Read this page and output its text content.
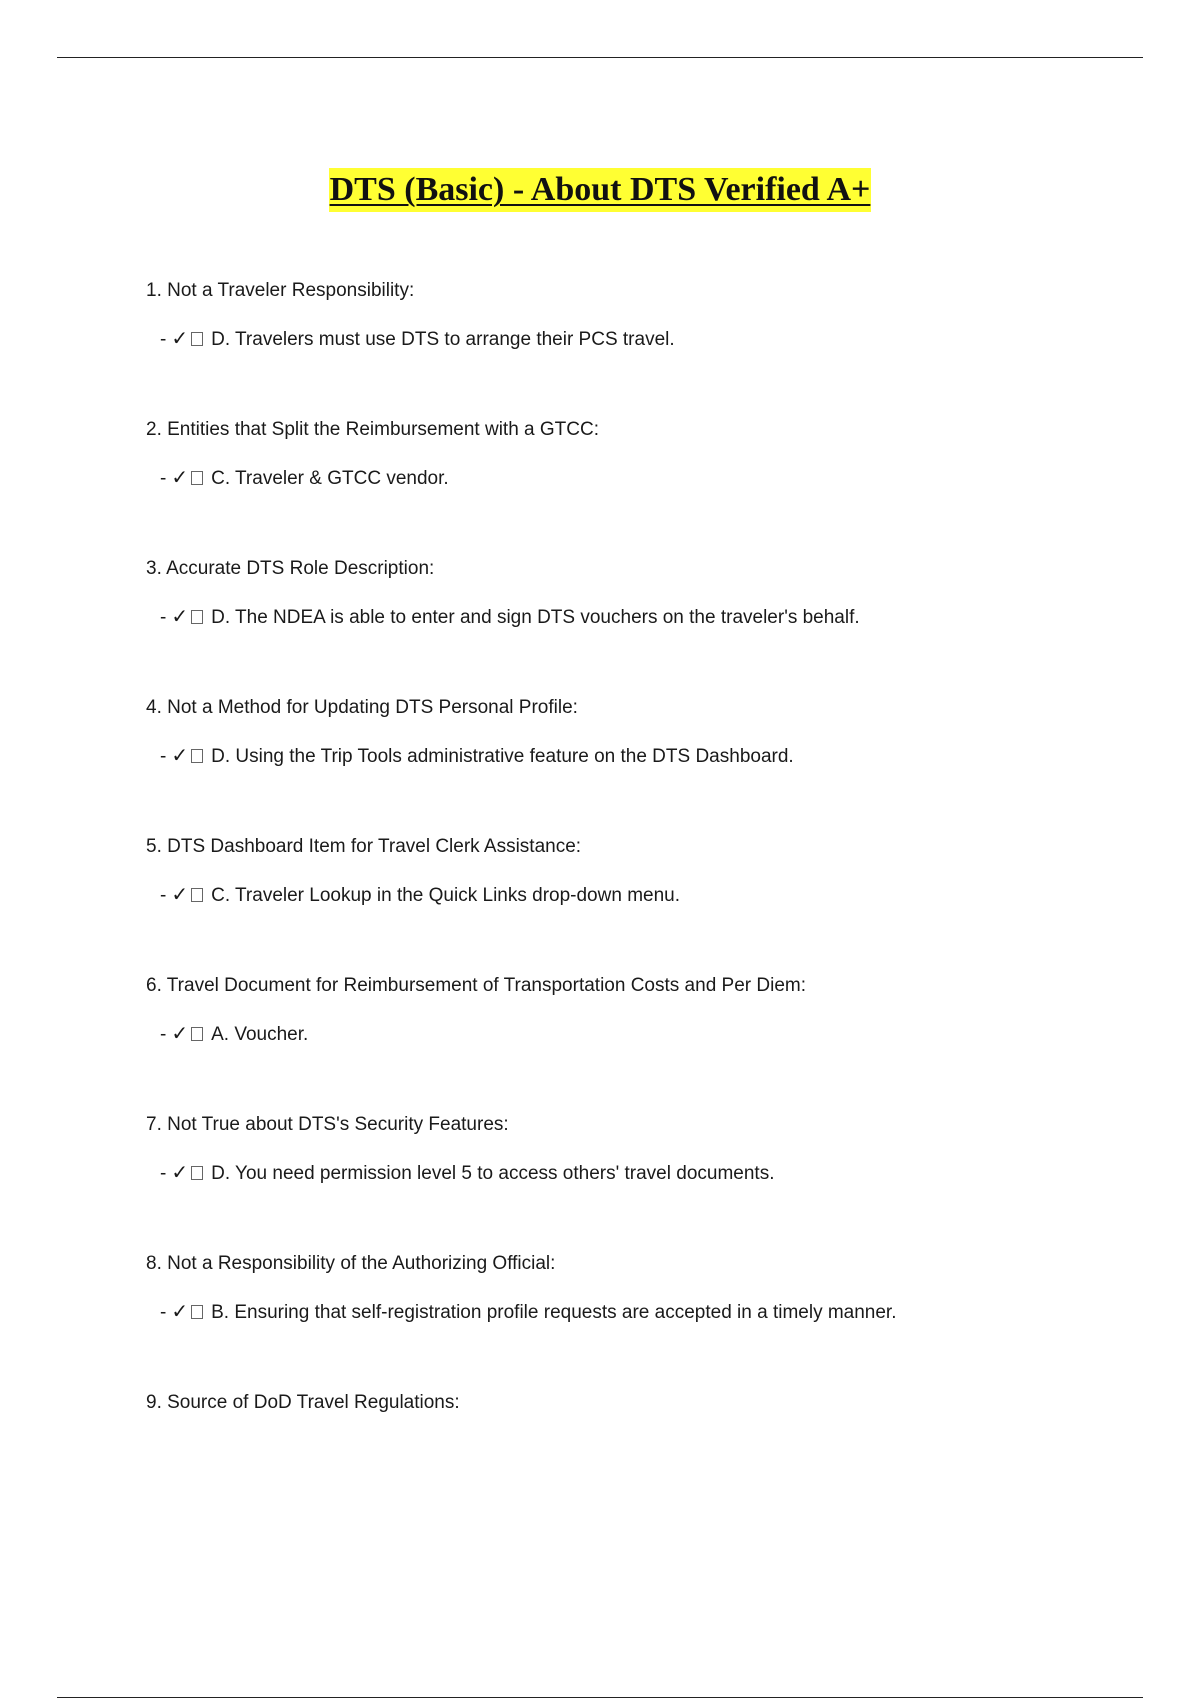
DTS (Basic) - About DTS Verified A+
1. Not a Traveler Responsibility:
- ✓ D. Travelers must use DTS to arrange their PCS travel.
2. Entities that Split the Reimbursement with a GTCC:
- ✓ C. Traveler & GTCC vendor.
3. Accurate DTS Role Description:
- ✓ D. The NDEA is able to enter and sign DTS vouchers on the traveler's behalf.
4. Not a Method for Updating DTS Personal Profile:
- ✓ D. Using the Trip Tools administrative feature on the DTS Dashboard.
5. DTS Dashboard Item for Travel Clerk Assistance:
- ✓ C. Traveler Lookup in the Quick Links drop-down menu.
6. Travel Document for Reimbursement of Transportation Costs and Per Diem:
- ✓ A. Voucher.
7. Not True about DTS's Security Features:
- ✓ D. You need permission level 5 to access others' travel documents.
8. Not a Responsibility of the Authorizing Official:
- ✓ B. Ensuring that self-registration profile requests are accepted in a timely manner.
9. Source of DoD Travel Regulations:
